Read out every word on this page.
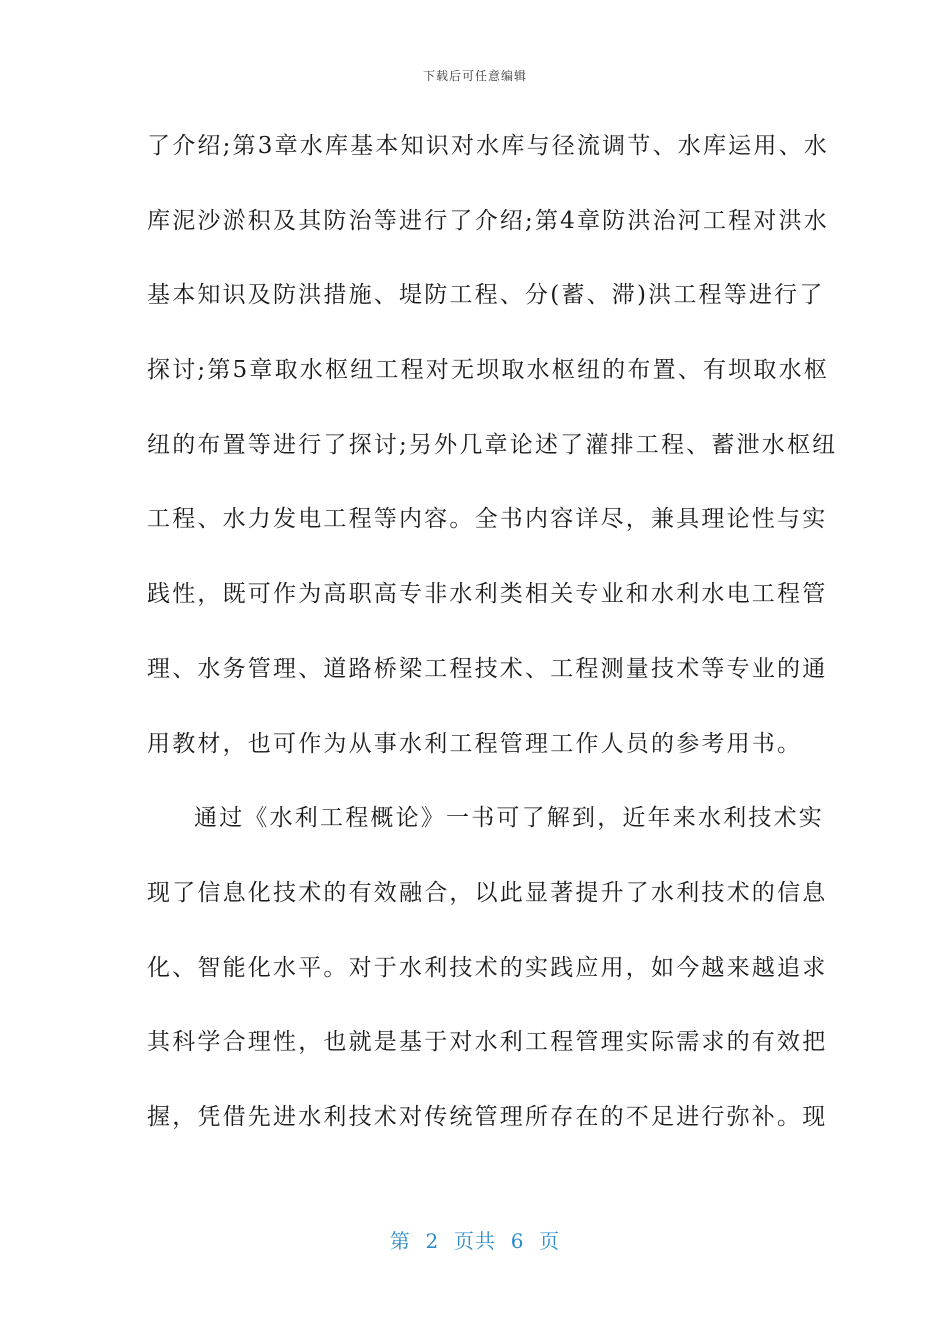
下载后可任意编辑
了介绍;第3章水库基本知识对水库与径流调节、水库运用、水
库泥沙淤积及其防治等进行了介绍;第4章防洪治河工程对洪水
基本知识及防洪措施、堤防工程、分(蓄、滞)洪工程等进行了
探讨;第5章取水枢纽工程对无坝取水枢纽的布置、有坝取水枢
纽的布置等进行了探讨;另外几章论述了灌排工程、蓄泄水枢纽
工程、水力发电工程等内容。全书内容详尽，兼具理论性与实
践性，既可作为高职高专非水利类相关专业和水利水电工程管
理、水务管理、道路桥梁工程技术、工程测量技术等专业的通
用教材，也可作为从事水利工程管理工作人员的参考用书。
通过《水利工程概论》一书可了解到，近年来水利技术实
现了信息化技术的有效融合，以此显著提升了水利技术的信息
化、智能化水平。对于水利技术的实践应用，如今越来越追求
其科学合理性，也就是基于对水利工程管理实际需求的有效把
握，凭借先进水利技术对传统管理所存在的不足进行弥补。现
第  2  页共  6  页
